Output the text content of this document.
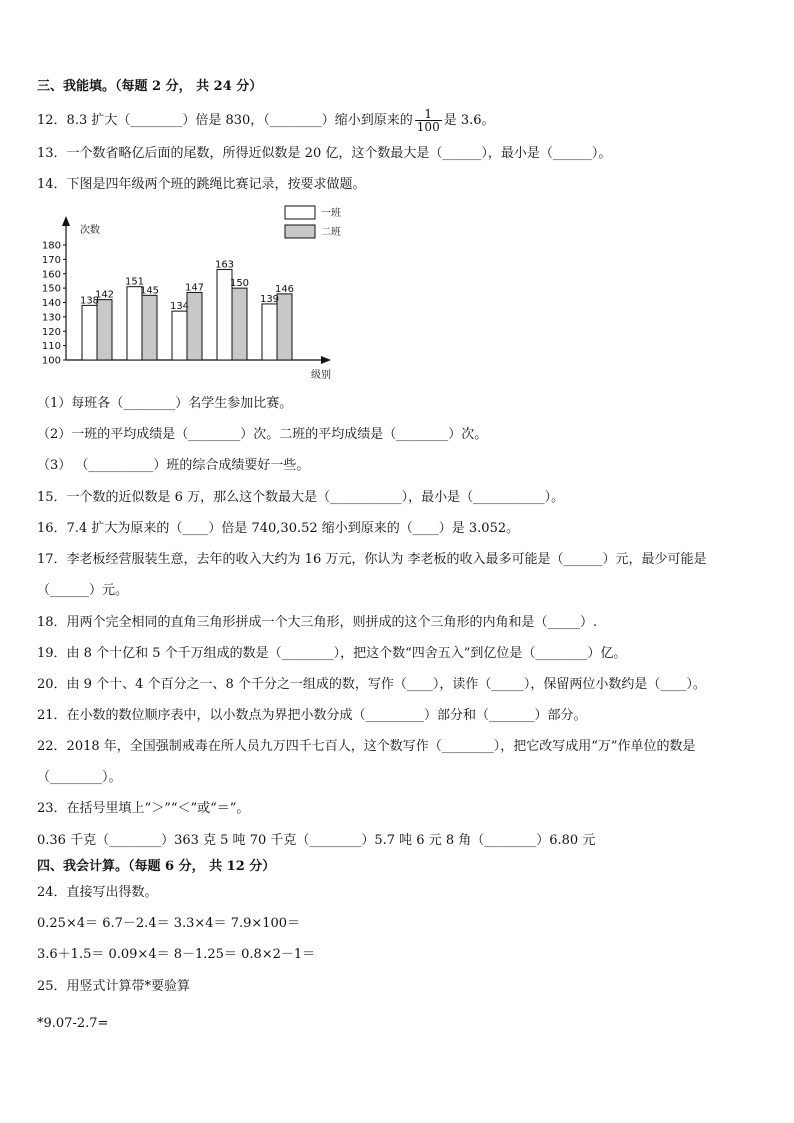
三、我能填。（每题 2 分， 共 24 分）
12．8.3 扩大（________）倍是 830，（________）缩小到原来的 $\frac{1}{100}$ 是 3.6。
13．一个数省略亿后面的尾数，所得近似数是 20 亿，这个数最大是（______），最小是（______）。
14．下图是四年级两个班的跳绳比赛记录，按要求做题。
次数
级别
100
110
120
130
140
150
160
170
180
138
142
151
145
134
147
163
150
139
146
一班
二班
（1）每班各（________）名学生参加比赛。
（2）一班的平均成绩是（________）次。二班的平均成绩是（________）次。
（3） （__________）班的综合成绩要好一些。
15．一个数的近似数是 6 万，那么这个数最大是（___________），最小是（___________）。
16．7.4 扩大为原来的（____）倍是 740,30.52 缩小到原来的（____）是 3.052。
17．李老板经营服装生意，去年的收入大约为 16 万元，你认为 李老板的收入最多可能是（______）元，最少可能是
（______）元。
18．用两个完全相同的直角三角形拼成一个大三角形，则拼成的这个三角形的内角和是（_____）.
19．由 8 个十亿和 5 个千万组成的数是（________），把这个数“四舍五入”到亿位是（________）亿。
20．由 9 个十、4 个百分之一、8 个千分之一组成的数，写作（____），读作（_____），保留两位小数约是（____）。
21．在小数的数位顺序表中，以小数点为界把小数分成（_________）部分和（_______）部分。
22．2018 年，全国强制戒毒在所人员九万四千七百人，这个数写作（________），把它改写成用“万”作单位的数是
（________）。
23．在括号里填上“＞”“＜”或“＝”。
0.36 千克（________）363 克 5 吨 70 千克（________）5.7 吨 6 元 8 角（________）6.80 元
四、我会计算。（每题 6 分， 共 12 分）
24．直接写出得数。
0.25×4＝ 6.7－2.4＝ 3.3×4＝ 7.9×100＝
3.6＋1.5＝ 0.09×4＝ 8－1.25＝ 0.8×2－1＝
25．用竖式计算带*要验算
*9.07-2.7=
